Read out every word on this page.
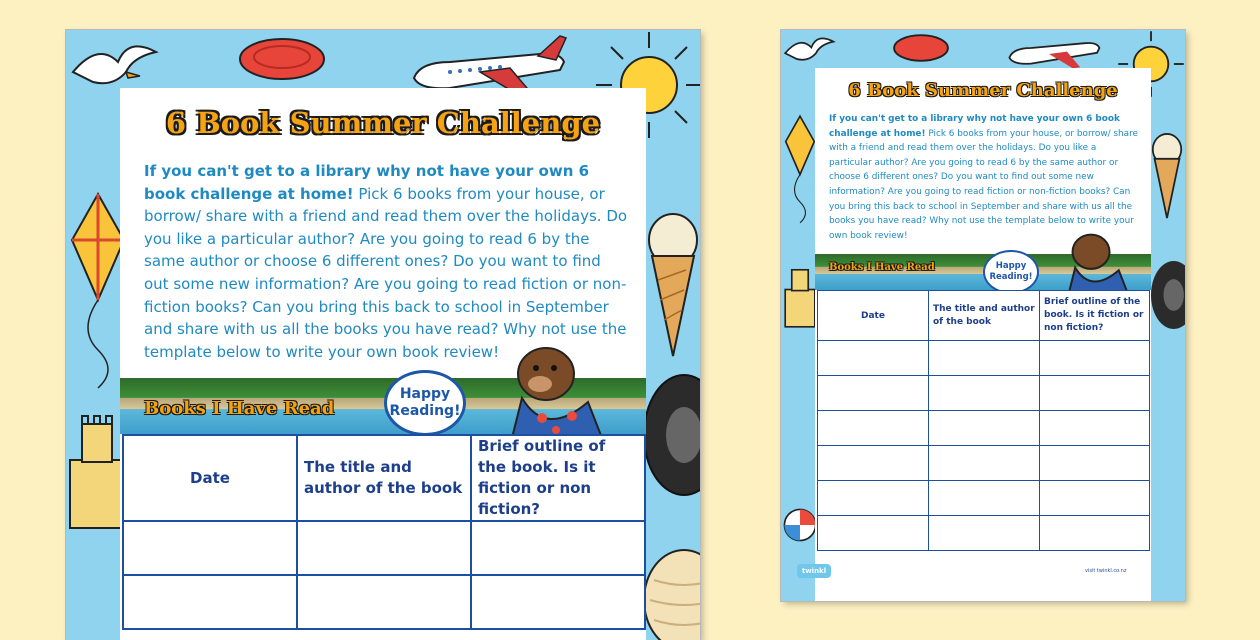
6 Book Summer Challenge

If you can't get to a library why not have your own 6 book challenge at home! Pick 6 books from your house, or borrow/ share with a friend and read them over the holidays. Do you like a particular author? Are you going to read 6 by the same author or choose 6 different ones? Do you want to find out some new information? Are you going to read fiction or non-fiction books? Can you bring this back to school in September and share with us all the books you have read? Why not use the template below to write your own book review!

Books I Have Read
Happy Reading!
Date	The title and author of the book	Brief outline of the book. Is it fiction or non fiction?

6 Book Summer Challenge

If you can't get to a library why not have your own 6 book challenge at home! Pick 6 books from your house, or borrow/ share with a friend and read them over the holidays. Do you like a particular author? Are you going to read 6 by the same author or choose 6 different ones? Do you want to find out some new information? Are you going to read fiction or non-fiction books? Can you bring this back to school in September and share with us all the books you have read? Why not use the template below to write your own book review!

Books I Have Read	Happy Reading!
Date	The title and author of the book	Brief outline of the book. Is it fiction or non fiction?

twinkl	visit twinkl.co.nz
